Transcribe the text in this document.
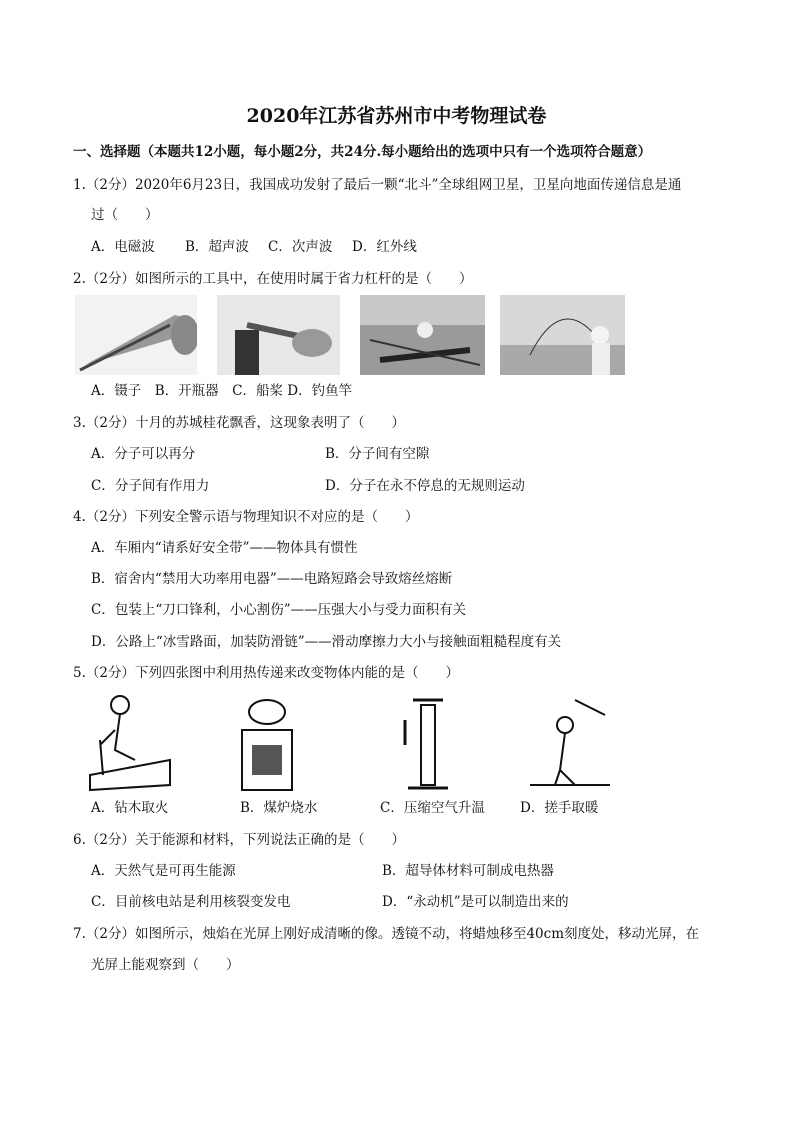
2020年江苏省苏州市中考物理试卷
一、选择题（本题共12小题，每小题2分，共24分.每小题给出的选项中只有一个选项符合题意）
1.（2分）2020年6月23日，我国成功发射了最后一颗“北斗”全球组网卫星，卫星向地面传递信息是通
过（　　）
A．电磁波 B．超声波 C．次声波 D．红外线
2.（2分）如图所示的工具中，在使用时属于省力杠杆的是（　　）
A．镊子　B．开瓶器　C．船桨 D．钓鱼竿
3.（2分）十月的苏城桂花飘香，这现象表明了（　　）
A．分子可以再分	B．分子间有空隙
C．分子间有作用力	D．分子在永不停息的无规则运动
4.（2分）下列安全警示语与物理知识不对应的是（　　）
A．车厢内“请系好安全带”——物体具有惯性
B．宿舍内“禁用大功率用电器”——电路短路会导致熔丝熔断
C．包装上“刀口锋利，小心割伤”——压强大小与受力面积有关
D．公路上“冰雪路面，加装防滑链”——滑动摩擦力大小与接触面粗糙程度有关
5.（2分）下列四张图中利用热传递来改变物体内能的是（　　）
A．钻木取火	B．煤炉烧水	C．压缩空气升温	D．搓手取暖
6.（2分）关于能源和材料，下列说法正确的是（　　）
A．天然气是可再生能源	B．超导体材料可制成电热器
C．目前核电站是利用核裂变发电	D．“永动机”是可以制造出来的
7.（2分）如图所示，烛焰在光屏上刚好成清晰的像。透镜不动，将蜡烛移至40cm刻度处，移动光屏，在
光屏上能观察到（　　）
